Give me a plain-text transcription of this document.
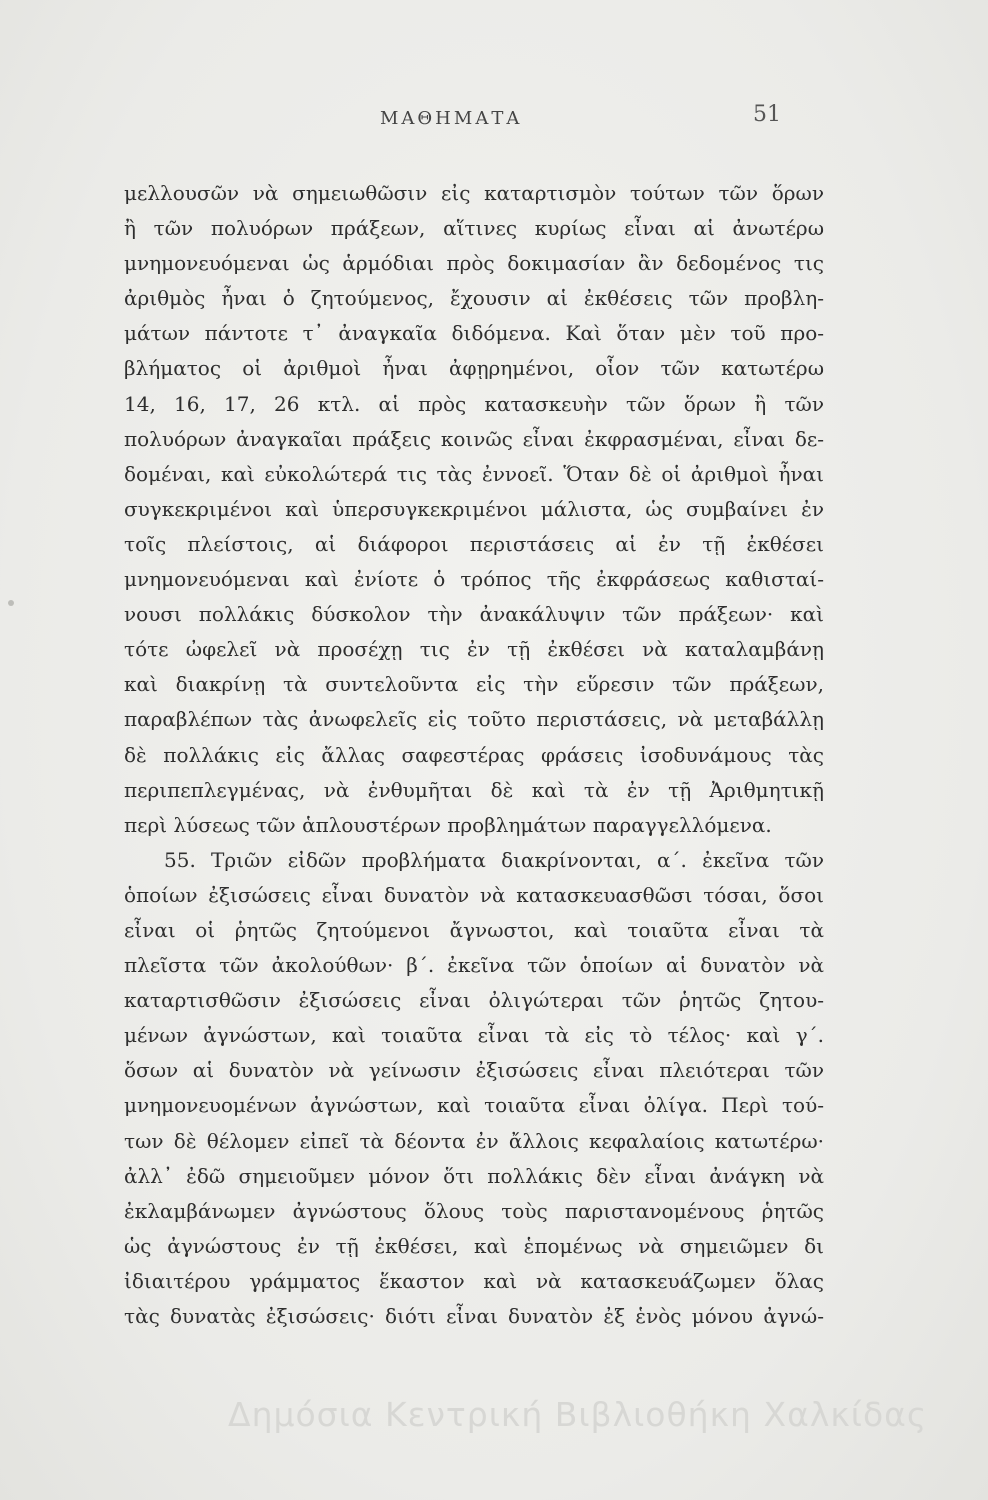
ΜΑΘΗΜΑΤΑ	51
μελλουσῶν νὰ σημειωθῶσιν εἰς καταρτισμὸν τούτων τῶν ὅρων
ἢ τῶν πολυόρων πράξεων, αἵτινες κυρίως εἶναι αἱ ἀνωτέρω
μνημονευόμεναι ὡς ἁρμόδιαι πρὸς δοκιμασίαν ἂν δεδομένος τις
ἀριθμὸς ἦναι ὁ ζητούμενος, ἔχουσιν αἱ ἐκθέσεις τῶν προβλη-
μάτων πάντοτε τ᾽ ἀναγκαῖα διδόμενα. Καὶ ὅταν μὲν τοῦ προ-
βλήματος οἱ ἀριθμοὶ ἦναι ἀφῃρημένοι, οἷον τῶν κατωτέρω
14, 16, 17, 26 κτλ. αἱ πρὸς κατασκευὴν τῶν ὅρων ἢ τῶν
πολυόρων ἀναγκαῖαι πράξεις κοινῶς εἶναι ἐκφρασμέναι, εἶναι δε-
δομέναι, καὶ εὐκολώτερά τις τὰς ἐννοεῖ. Ὅταν δὲ οἱ ἀριθμοὶ ἦναι
συγκεκριμένοι καὶ ὑπερσυγκεκριμένοι μάλιστα, ὡς συμβαίνει ἐν
τοῖς πλείστοις, αἱ διάφοροι περιστάσεις αἱ ἐν τῇ ἐκθέσει
μνημονευόμεναι καὶ ἐνίοτε ὁ τρόπος τῆς ἐκφράσεως καθισταί-
νουσι πολλάκις δύσκολον τὴν ἀνακάλυψιν τῶν πράξεων· καὶ
τότε ὠφελεῖ νὰ προσέχῃ τις ἐν τῇ ἐκθέσει νὰ καταλαμβάνῃ
καὶ διακρίνῃ τὰ συντελοῦντα εἰς τὴν εὕρεσιν τῶν πράξεων,
παραβλέπων τὰς ἀνωφελεῖς εἰς τοῦτο περιστάσεις, νὰ μεταβάλλῃ
δὲ πολλάκις εἰς ἄλλας σαφεστέρας φράσεις ἰσοδυνάμους τὰς
περιπεπλεγμένας, νὰ ἐνθυμῆται δὲ καὶ τὰ ἐν τῇ Ἀριθμητικῇ
περὶ λύσεως τῶν ἁπλουστέρων προβλημάτων παραγγελλόμενα.
55. Τριῶν εἰδῶν προβλήματα διακρίνονται, α΄. ἐκεῖνα τῶν
ὁποίων ἐξισώσεις εἶναι δυνατὸν νὰ κατασκευασθῶσι τόσαι, ὅσοι
εἶναι οἱ ῥητῶς ζητούμενοι ἄγνωστοι, καὶ τοιαῦτα εἶναι τὰ
πλεῖστα τῶν ἀκολούθων· β΄. ἐκεῖνα τῶν ὁποίων αἱ δυνατὸν νὰ
καταρτισθῶσιν ἐξισώσεις εἶναι ὀλιγώτεραι τῶν ῥητῶς ζητου-
μένων ἀγνώστων, καὶ τοιαῦτα εἶναι τὰ εἰς τὸ τέλος· καὶ γ΄.
ὅσων αἱ δυνατὸν νὰ γείνωσιν ἐξισώσεις εἶναι πλειότεραι τῶν
μνημονευομένων ἀγνώστων, καὶ τοιαῦτα εἶναι ὀλίγα. Περὶ τού-
των δὲ θέλομεν εἰπεῖ τὰ δέοντα ἐν ἄλλοις κεφαλαίοις κατωτέρω·
ἀλλ᾽ ἐδῶ σημειοῦμεν μόνον ὅτι πολλάκις δὲν εἶναι ἀνάγκη νὰ
ἐκλαμβάνωμεν ἀγνώστους ὅλους τοὺς παριστανομένους ῥητῶς
ὡς ἀγνώστους ἐν τῇ ἐκθέσει, καὶ ἑπομένως νὰ σημειῶμεν δι
ἰδιαιτέρου γράμματος ἕκαστον καὶ νὰ κατασκευάζωμεν ὅλας
τὰς δυνατὰς ἐξισώσεις· διότι εἶναι δυνατὸν ἐξ ἑνὸς μόνου ἀγνώ-
Δημόσια Κεντρική Βιβλιοθήκη Χαλκίδας
